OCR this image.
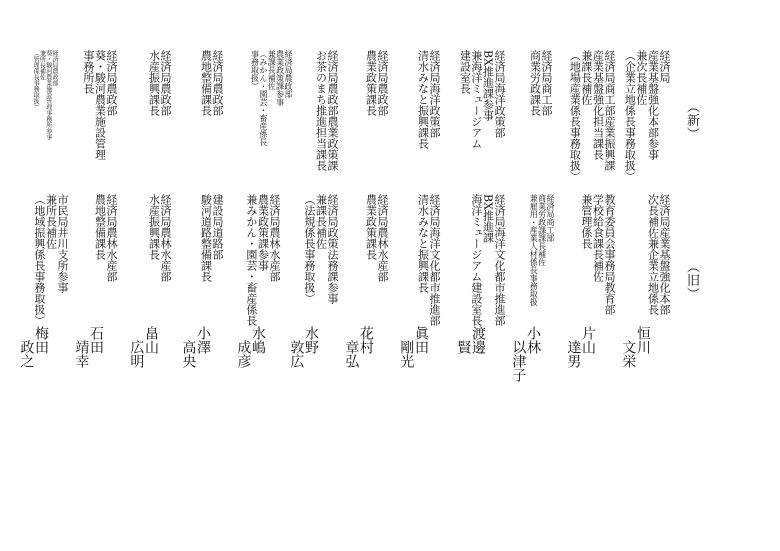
（新）
（旧）
経済局
産業基盤強化本部参事
兼次長補佐
（企業立地係長事務取扱）
経済局産業基盤強化本部
次長補佐兼企業立地係長
恒川
文栄
経済局商工部産業振興課
産業基盤強化担当課長
兼課長補佐
（地場産業係長事務取扱）
教育委員会事務局教育部
学校給食課長補佐
兼管理係長
片山
達男
経済局商工部
商業労政課長
経済局商工部
商業労政課課長補佐
兼雇用・産業人材係長事務取扱
小林
以津子
経済局海洋政策部
BX推進課参事
兼海洋ミュージアム
建設室長
経済局海洋文化都市推進部
BX推進課
海洋ミュージアム建設室長
渡邊
賢
経済局海洋政策部
清水みなと振興課長
経済局海洋文化都市推進部
清水みなと振興課長
眞田
剛光
経済局農政部
農業政策課長
経済局農林水産部
農業政策課長
花村
章弘
経済局農政部農業政策課
お茶のまち推進担当課長
経済局政策法務課参事
兼課長補佐
（法規係長事務取扱）
水野
敦広
経済局農政部
農業政策課参事
兼課長補佐
（みかん・園芸・畜産係長
事務取扱）
経済局農林水産部
農業政策課参事
兼みかん・園芸・畜産係長
水嶋
成彦
経済局農政部
農地整備課長
建設局道路部
駿河道路整備課長
小澤
高央
経済局農政部
水産振興課長
経済局農林水産部
水産振興課長
畠山
広明
経済局農政部
葵・駿河農業施設管理
事務所長
経済局農林水産部
農地整備課長
石田
靖幸
経済局農政部
葵・駿河農業施設管理事務所参事
兼所長補佐
（管理係長事務取扱）
市民局井川支所参事
兼所長補佐
（地域振興係長事務取扱）
梅田
政之
